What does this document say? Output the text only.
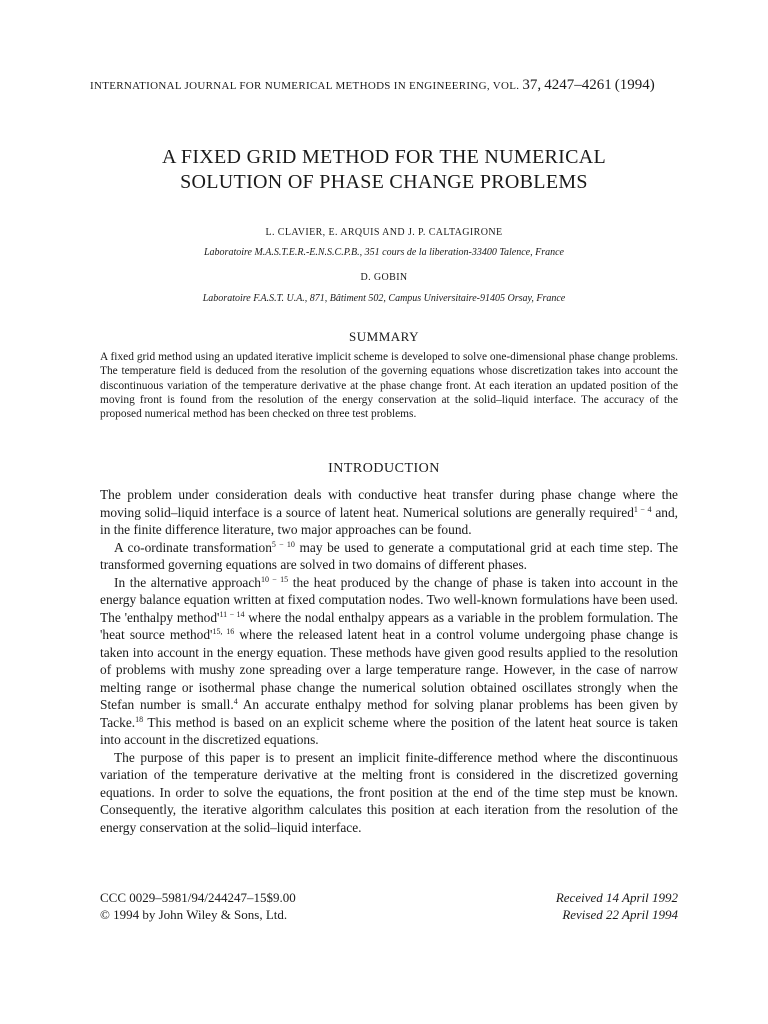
INTERNATIONAL JOURNAL FOR NUMERICAL METHODS IN ENGINEERING, VOL. 37, 4247–4261 (1994)
A FIXED GRID METHOD FOR THE NUMERICAL
SOLUTION OF PHASE CHANGE PROBLEMS
L. CLAVIER, E. ARQUIS AND J. P. CALTAGIRONE
Laboratoire M.A.S.T.E.R.-E.N.S.C.P.B., 351 cours de la liberation-33400 Talence, France
D. GOBIN
Laboratoire F.A.S.T. U.A., 871, Bâtiment 502, Campus Universitaire-91405 Orsay, France
SUMMARY

A fixed grid method using an updated iterative implicit scheme is developed to solve one-dimensional phase change problems. The temperature field is deduced from the resolution of the governing equations whose discretization takes into account the discontinuous variation of the temperature derivative at the phase change front. At each iteration an updated position of the moving front is found from the resolution of the energy conservation at the solid–liquid interface. The accuracy of the proposed numerical method has been checked on three test problems.

INTRODUCTION

The problem under consideration deals with conductive heat transfer during phase change where the moving solid–liquid interface is a source of latent heat. Numerical solutions are generally required$^{1 - 4}$ and, in the finite difference literature, two major approaches can be found.

A co-ordinate transformation$^{5 - 10}$ may be used to generate a computational grid at each time step. The transformed governing equations are solved in two domains of different phases.

In the alternative approach$^{10 - 15}$ the heat produced by the change of phase is taken into account in the energy balance equation written at fixed computation nodes. Two well-known formulations have been used. The 'enthalpy $method'^{11 - 14}$ where the nodal enthalpy appears as a variable in the problem formulation. The 'heat source $method'^{15, 16}$ where the released latent heat in a control volume undergoing phase change is taken into account in the energy equation. These methods have given good results applied to the resolution of problems with mushy zone spreading over a large temperature range. However, in the case of narrow melting range or isothermal phase change the numerical solution obtained oscillates strongly when the Stefan number is small.$^4$ An accurate enthalpy method for solving planar problems has been given by Tacke.$^{18}$ This method is based on an explicit scheme where the position of the latent heat source is taken into account in the discretized equations.

The purpose of this paper is to present an implicit finite-difference method where the discontinuous variation of the temperature derivative at the melting front is considered in the discretized governing equations. In order to solve the equations, the front position at the end of the time step must be known. Consequently, the iterative algorithm calculates this position at each iteration from the resolution of the energy conservation at the solid–liquid interface.

CCC 0029–5981/94/244247–15$9.00
© 1994 by John Wiley & Sons, Ltd.
Received 14 April 1992
Revised 22 April 1994
